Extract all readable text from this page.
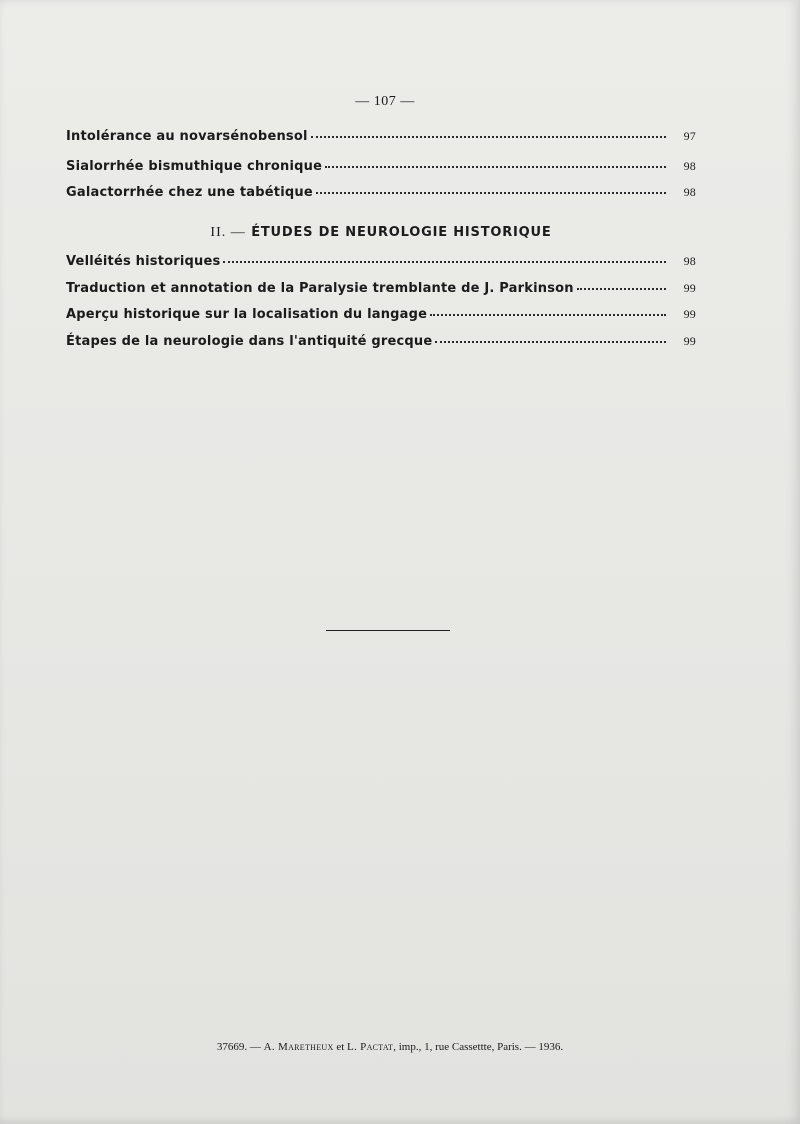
— 107 —
Intolérance au novarsénobensol	97
Sialorrhée bismuthique chronique	98
Galactorrhée chez une tabétique	98
II. — ÉTUDES DE NEUROLOGIE HISTORIQUE
Velléités historiques	98
Traduction et annotation de la Paralysie tremblante de J. Parkinson	99
Aperçu historique sur la localisation du langage	99
Étapes de la neurologie dans l'antiquité grecque	99
37669. — A. Maretheux et L. Pactat, imp., 1, rue Cassettte, Paris. — 1936.
